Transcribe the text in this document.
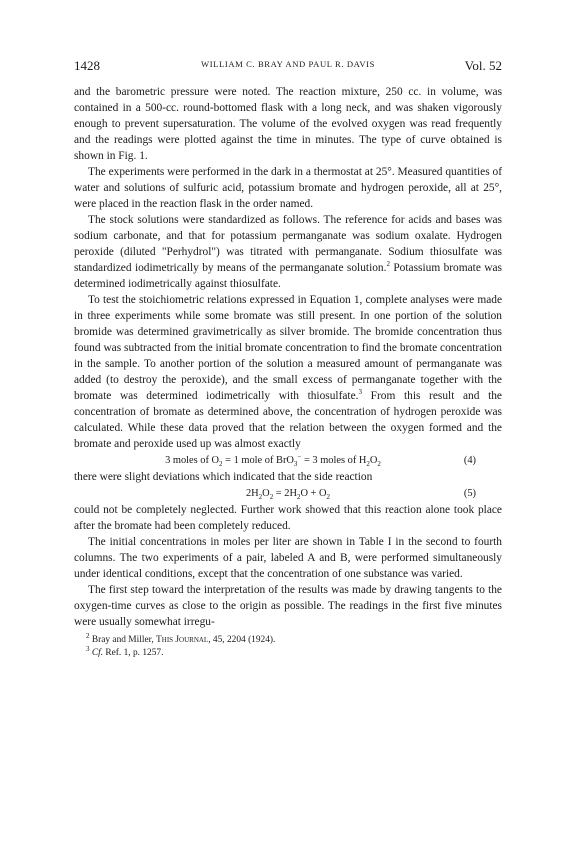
1428	WILLIAM C. BRAY AND PAUL R. DAVIS	Vol. 52

and the barometric pressure were noted. The reaction mixture, 250 cc. in volume, was contained in a 500-cc. round-bottomed flask with a long neck, and was shaken vigorously enough to prevent supersaturation. The volume of the evolved oxygen was read frequently and the readings were plotted against the time in minutes. The type of curve obtained is shown in Fig. 1.

The experiments were performed in the dark in a thermostat at 25°. Measured quantities of water and solutions of sulfuric acid, potassium bromate and hydrogen peroxide, all at 25°, were placed in the reaction flask in the order named.

The stock solutions were standardized as follows. The reference for acids and bases was sodium carbonate, and that for potassium permanganate was sodium oxalate. Hydrogen peroxide (diluted "Perhydrol") was titrated with permanganate. Sodium thiosulfate was standardized iodimetrically by means of the permanganate solution.$^2$ Potassium bromate was determined iodimetrically against thiosulfate.

To test the stoichiometric relations expressed in Equation 1, complete analyses were made in three experiments while some bromate was still present. In one portion of the solution bromide was determined gravimetrically as silver bromide. The bromide concentration thus found was subtracted from the initial bromate concentration to find the bromate concentration in the sample. To another portion of the solution a measured amount of permanganate was added (to destroy the peroxide), and the small excess of permanganate together with the bromate was determined iodimetrically with thiosulfate.$^3$ From this result and the concentration of bromate as determined above, the concentration of hydrogen peroxide was calculated. While these data proved that the relation between the oxygen formed and the bromate and peroxide used up was almost exactly

3 moles of $O_2 = 1$ mole of BrO$_3$− = 3 moles of $H_2O_2$	(4)

there were slight deviations which indicated that the side reaction

$2H_2O_2 = 2H_2O + O_2$	(5)

could not be completely neglected. Further work showed that this reaction alone took place after the bromate had been completely reduced.

The initial concentrations in moles per liter are shown in Table I in the second to fourth columns. The two experiments of a pair, labeled A and B, were performed simultaneously under identical conditions, except that the concentration of one substance was varied.

The first step toward the interpretation of the results was made by drawing tangents to the oxygen-time curves as close to the origin as possible. The readings in the first five minutes were usually somewhat irregu-

$^2$ Bray and Miller, This Journal, 45, 2204 (1924).
$^3$ Cf. Ref. 1, p. 1257.
